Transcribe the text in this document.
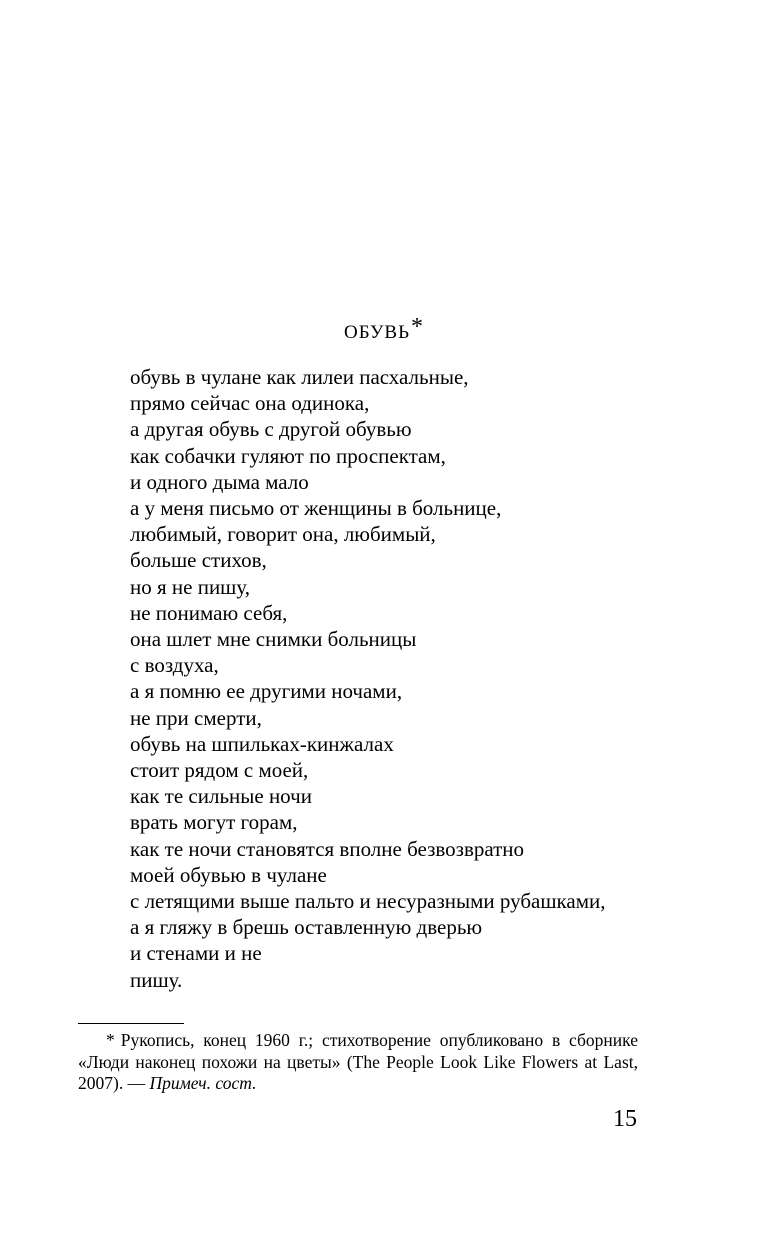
ОБУВЬ*
обувь в чулане как лилеи пасхальные,
прямо сейчас она одинока,
а другая обувь с другой обувью
как собачки гуляют по проспектам,
и одного дыма мало
а у меня письмо от женщины в больнице,
любимый, говорит она, любимый,
больше стихов,
но я не пишу,
не понимаю себя,
она шлет мне снимки больницы
с воздуха,
а я помню ее другими ночами,
не при смерти,
обувь на шпильках-кинжалах
стоит рядом с моей,
как те сильные ночи
врать могут горам,
как те ночи становятся вполне безвозвратно
моей обувью в чулане
с летящими выше пальто и несуразными рубашками,
а я гляжу в брешь оставленную дверью
и стенами и не
пишу.
* Рукопись, конец 1960 г.; стихотворение опубликовано в сборнике «Люди наконец похожи на цветы» (The People Look Like Flowers at Last, 2007). — Примеч. сост.
15
